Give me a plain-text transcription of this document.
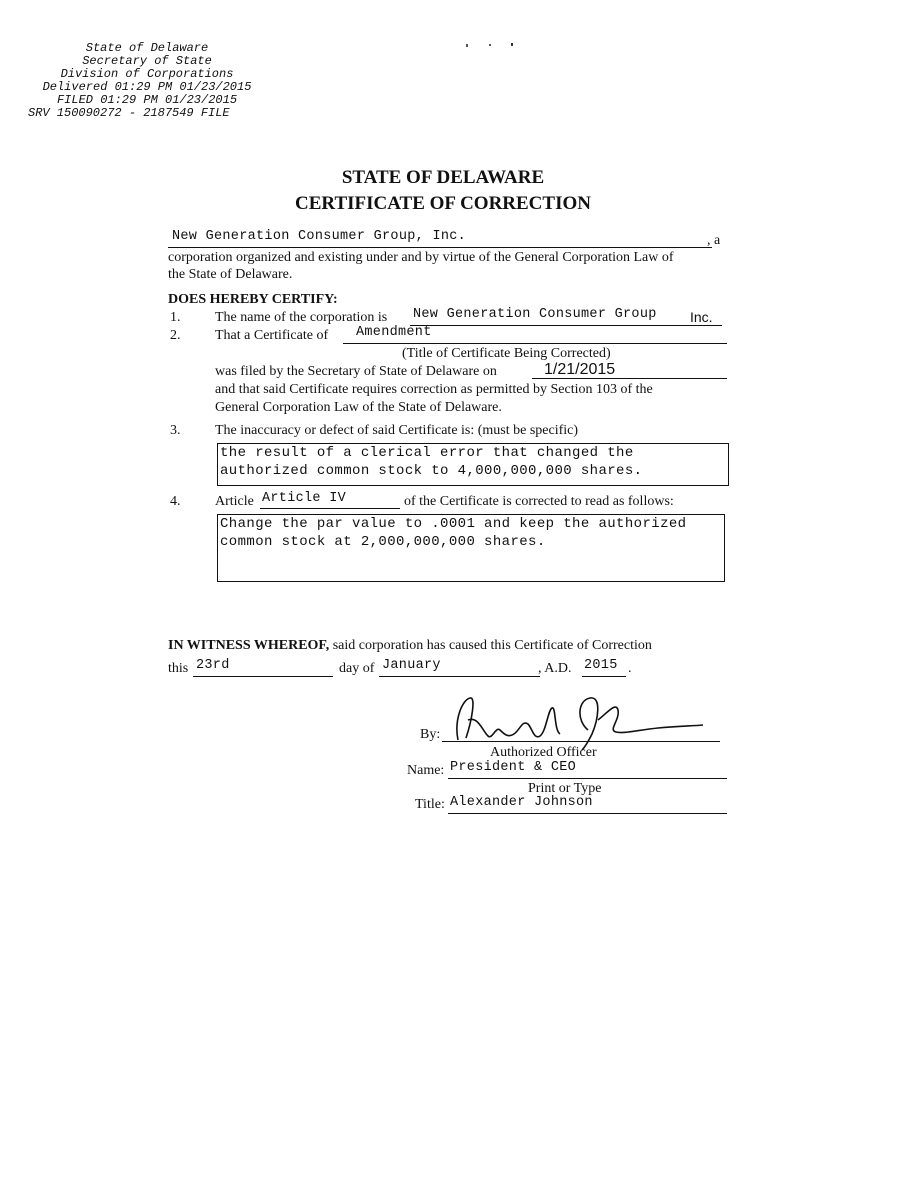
State of Delaware
Secretary of State
Division of Corporations
Delivered 01:29 PM 01/23/2015
FILED 01:29 PM 01/23/2015
SRV 150090272 - 2187549 FILE
STATE OF DELAWARE
CERTIFICATE OF CORRECTION
New Generation Consumer Group, Inc.	, a
corporation organized and existing under and by virtue of the General Corporation Law of
the State of Delaware.
DOES HEREBY CERTIFY:
1. The name of the corporation is New Generation Consumer Group Inc.
2. That a Certificate of Amendment
(Title of Certificate Being Corrected)
was filed by the Secretary of State of Delaware on	1/21/2015
and that said Certificate requires correction as permitted by Section 103 of the
General Corporation Law of the State of Delaware.
3. The inaccuracy or defect of said Certificate is: (must be specific)
the result of a clerical error that changed the
authorized common stock to 4,000,000,000 shares.
4. Article Article IV	of the Certificate is corrected to read as follows:
Change the par value to .0001 and keep the authorized
common stock at 2,000,000,000 shares.
IN WITNESS WHEREOF, said corporation has caused this Certificate of Correction
this 23rd	day of January	, A.D. 2015 .
By:
Authorized Officer
Name: President & CEO
Print or Type
Title: Alexander Johnson
